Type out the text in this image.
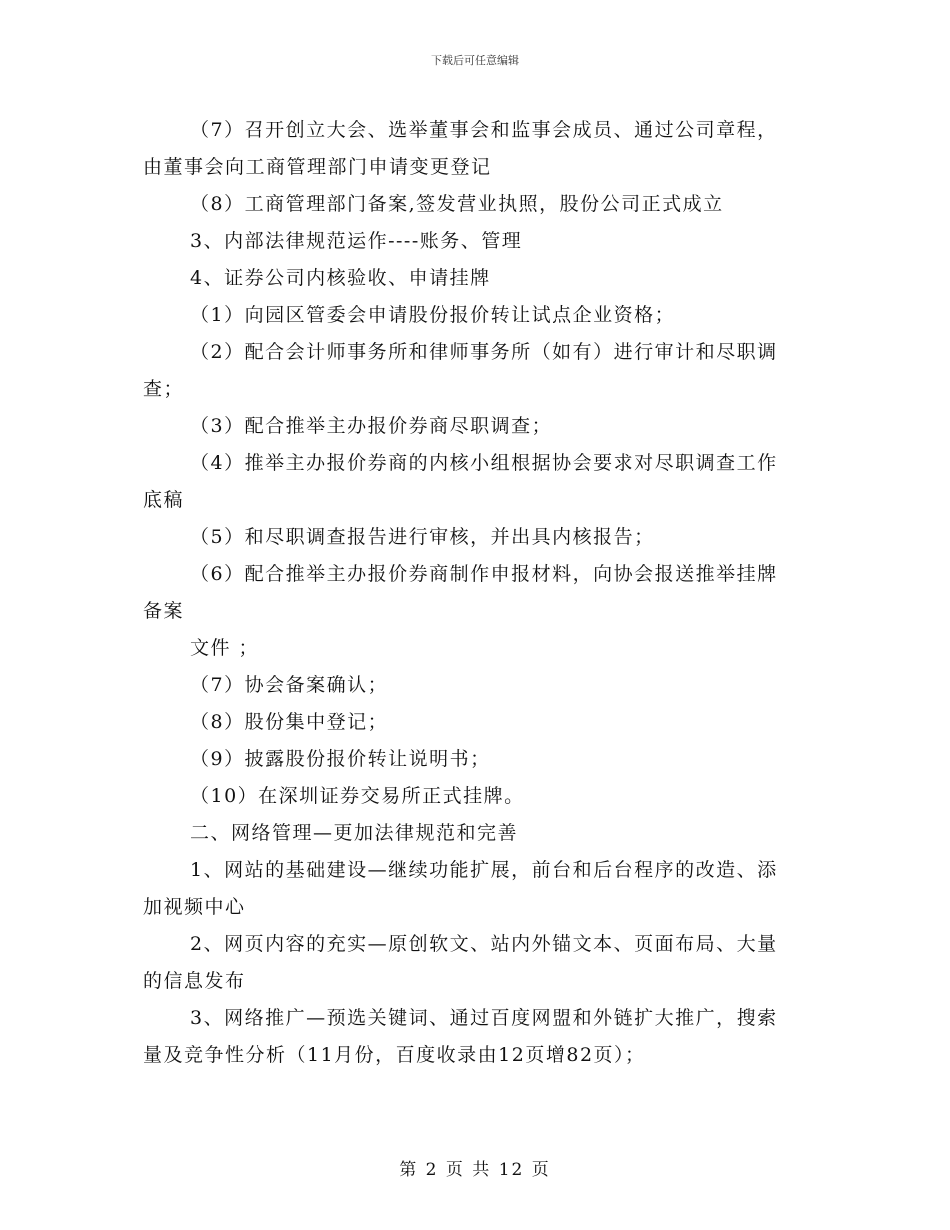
下载后可任意编辑

（7）召开创立大会、选举董事会和监事会成员、通过公司章程，

由董事会向工商管理部门申请变更登记

（8）工商管理部门备案,签发营业执照，股份公司正式成立

3、内部法律规范运作----账务、管理

4、证券公司内核验收、申请挂牌

（1）向园区管委会申请股份报价转让试点企业资格；

（2）配合会计师事务所和律师事务所（如有）进行审计和尽职调

查；

（3）配合推举主办报价券商尽职调查；

（4）推举主办报价券商的内核小组根据协会要求对尽职调查工作

底稿

（5）和尽职调查报告进行审核，并出具内核报告；

（6）配合推举主办报价券商制作申报材料，向协会报送推举挂牌

备案

文件 ；

（7）协会备案确认；

（8）股份集中登记；

（9）披露股份报价转让说明书；

（10）在深圳证券交易所正式挂牌。

二、网络管理—更加法律规范和完善

1、网站的基础建设—继续功能扩展，前台和后台程序的改造、添

加视频中心

2、网页内容的充实—原创软文、站内外锚文本、页面布局、大量

的信息发布

3、网络推广—预选关键词、通过百度网盟和外链扩大推广，搜索

量及竞争性分析（11月份，百度收录由12页增82页）；

第 2 页 共 12 页
